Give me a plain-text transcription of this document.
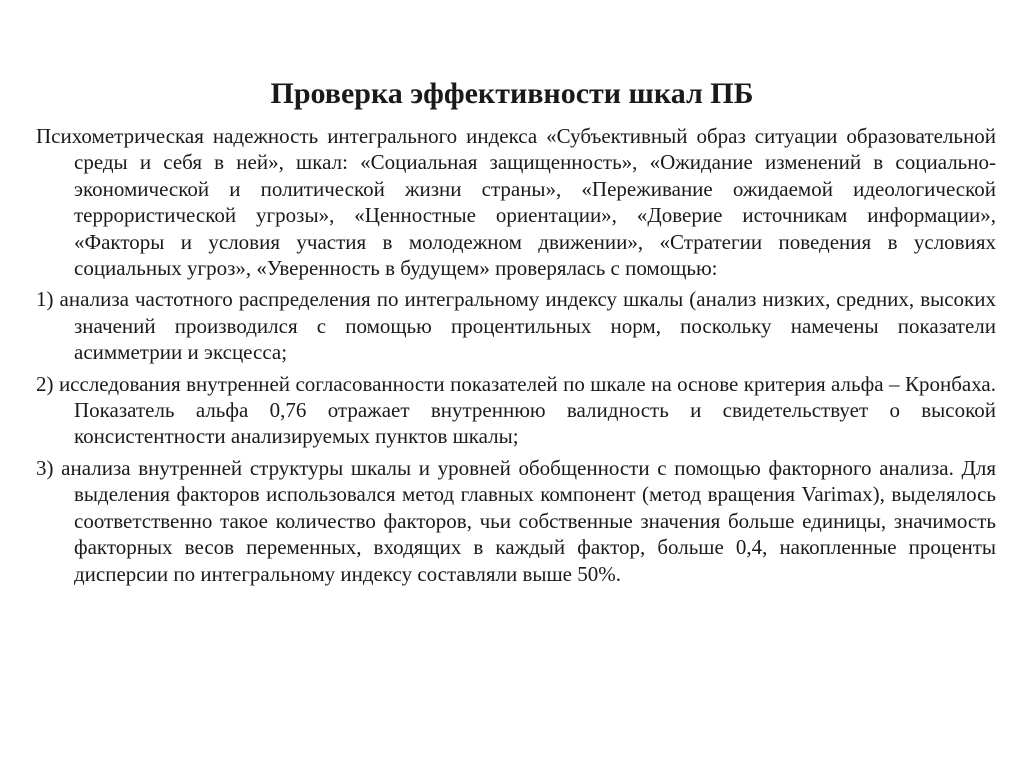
Проверка эффективности шкал ПБ

Психометрическая надежность интегрального индекса «Субъективный образ ситуации образовательной среды и себя в ней», шкал: «Социальная защищенность», «Ожидание изменений в социально-экономической и политической жизни страны», «Переживание ожидаемой идеологической террористической угрозы», «Ценностные ориентации», «Доверие источникам информации», «Факторы и условия участия в молодежном движении», «Стратегии поведения в условиях социальных угроз», «Уверенность в будущем» проверялась с помощью:

1) анализа частотного распределения по интегральному индексу шкалы (анализ низких, средних, высоких значений производился с помощью процентильных норм, поскольку намечены показатели асимметрии и эксцесса;

2) исследования внутренней согласованности показателей по шкале на основе критерия альфа – Кронбаха. Показатель альфа 0,76 отражает внутреннюю валидность и свидетельствует о высокой консистентности анализируемых пунктов шкалы;

3) анализа внутренней структуры шкалы и уровней обобщенности с помощью факторного анализа. Для выделения факторов использовался метод главных компонент (метод вращения Varimax), выделялось соответственно такое количество факторов, чьи собственные значения больше единицы, значимость факторных весов переменных, входящих в каждый фактор, больше 0,4, накопленные проценты дисперсии по интегральному индексу составляли выше 50%.
